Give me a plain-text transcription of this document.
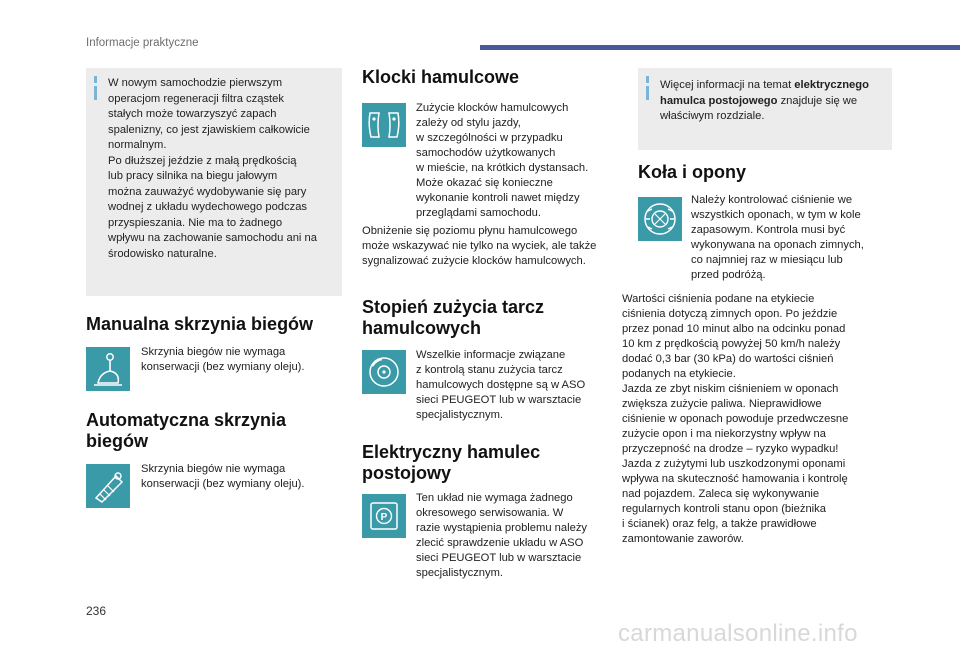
Informacje praktyczne
W nowym samochodzie pierwszym
operacjom regeneracji filtra cząstek
stałych może towarzyszyć zapach
spalenizny, co jest zjawiskiem całkowicie
normalnym.
Po dłuższej jeździe z małą prędkością
lub pracy silnika na biegu jałowym
można zauważyć wydobywanie się pary
wodnej z układu wydechowego podczas
przyspieszania. Nie ma to żadnego
wpływu na zachowanie samochodu ani na
środowisko naturalne.
Manualna skrzynia biegów
Skrzynia biegów nie wymaga
konserwacji (bez wymiany oleju).
Automatyczna skrzynia
biegów
Skrzynia biegów nie wymaga
konserwacji (bez wymiany oleju).
Klocki hamulcowe
Zużycie klocków hamulcowych
zależy od stylu jazdy,
w szczególności w przypadku
samochodów użytkowanych
w mieście, na krótkich dystansach.
Może okazać się konieczne
wykonanie kontroli nawet między
przeglądami samochodu.
Obniżenie się poziomu płynu hamulcowego
może wskazywać nie tylko na wyciek, ale także
sygnalizować zużycie klocków hamulcowych.
Stopień zużycia tarcz
hamulcowych
Wszelkie informacje związane
z kontrolą stanu zużycia tarcz
hamulcowych dostępne są w ASO
sieci PEUGEOT lub w warsztacie
specjalistycznym.
Elektryczny hamulec
postojowy
P
Ten układ nie wymaga żadnego
okresowego serwisowania. W
razie wystąpienia problemu należy
zlecić sprawdzenie układu w ASO
sieci PEUGEOT lub w warsztacie
specjalistycznym.
Więcej informacji na temat elektrycznego
hamulca postojowego znajduje się we
właściwym rozdziale.
Koła i opony
Należy kontrolować ciśnienie we
wszystkich oponach, w tym w kole
zapasowym. Kontrola musi być
wykonywana na oponach zimnych,
co najmniej raz w miesiącu lub
przed podróżą.
Wartości ciśnienia podane na etykiecie
ciśnienia dotyczą zimnych opon. Po jeździe
przez ponad 10 minut albo na odcinku ponad
10 km z prędkością powyżej 50 km/h należy
dodać 0,3 bar (30 kPa) do wartości ciśnień
podanych na etykiecie.
Jazda ze zbyt niskim ciśnieniem w oponach
zwiększa zużycie paliwa. Nieprawidłowe
ciśnienie w oponach powoduje przedwczesne
zużycie opon i ma niekorzystny wpływ na
przyczepność na drodze – ryzyko wypadku!
Jazda z zużytymi lub uszkodzonymi oponami
wpływa na skuteczność hamowania i kontrolę
nad pojazdem. Zaleca się wykonywanie
regularnych kontroli stanu opon (bieżnika
i ścianek) oraz felg, a także prawidłowe
zamontowanie zaworów.
236
carmanualsonline.info
